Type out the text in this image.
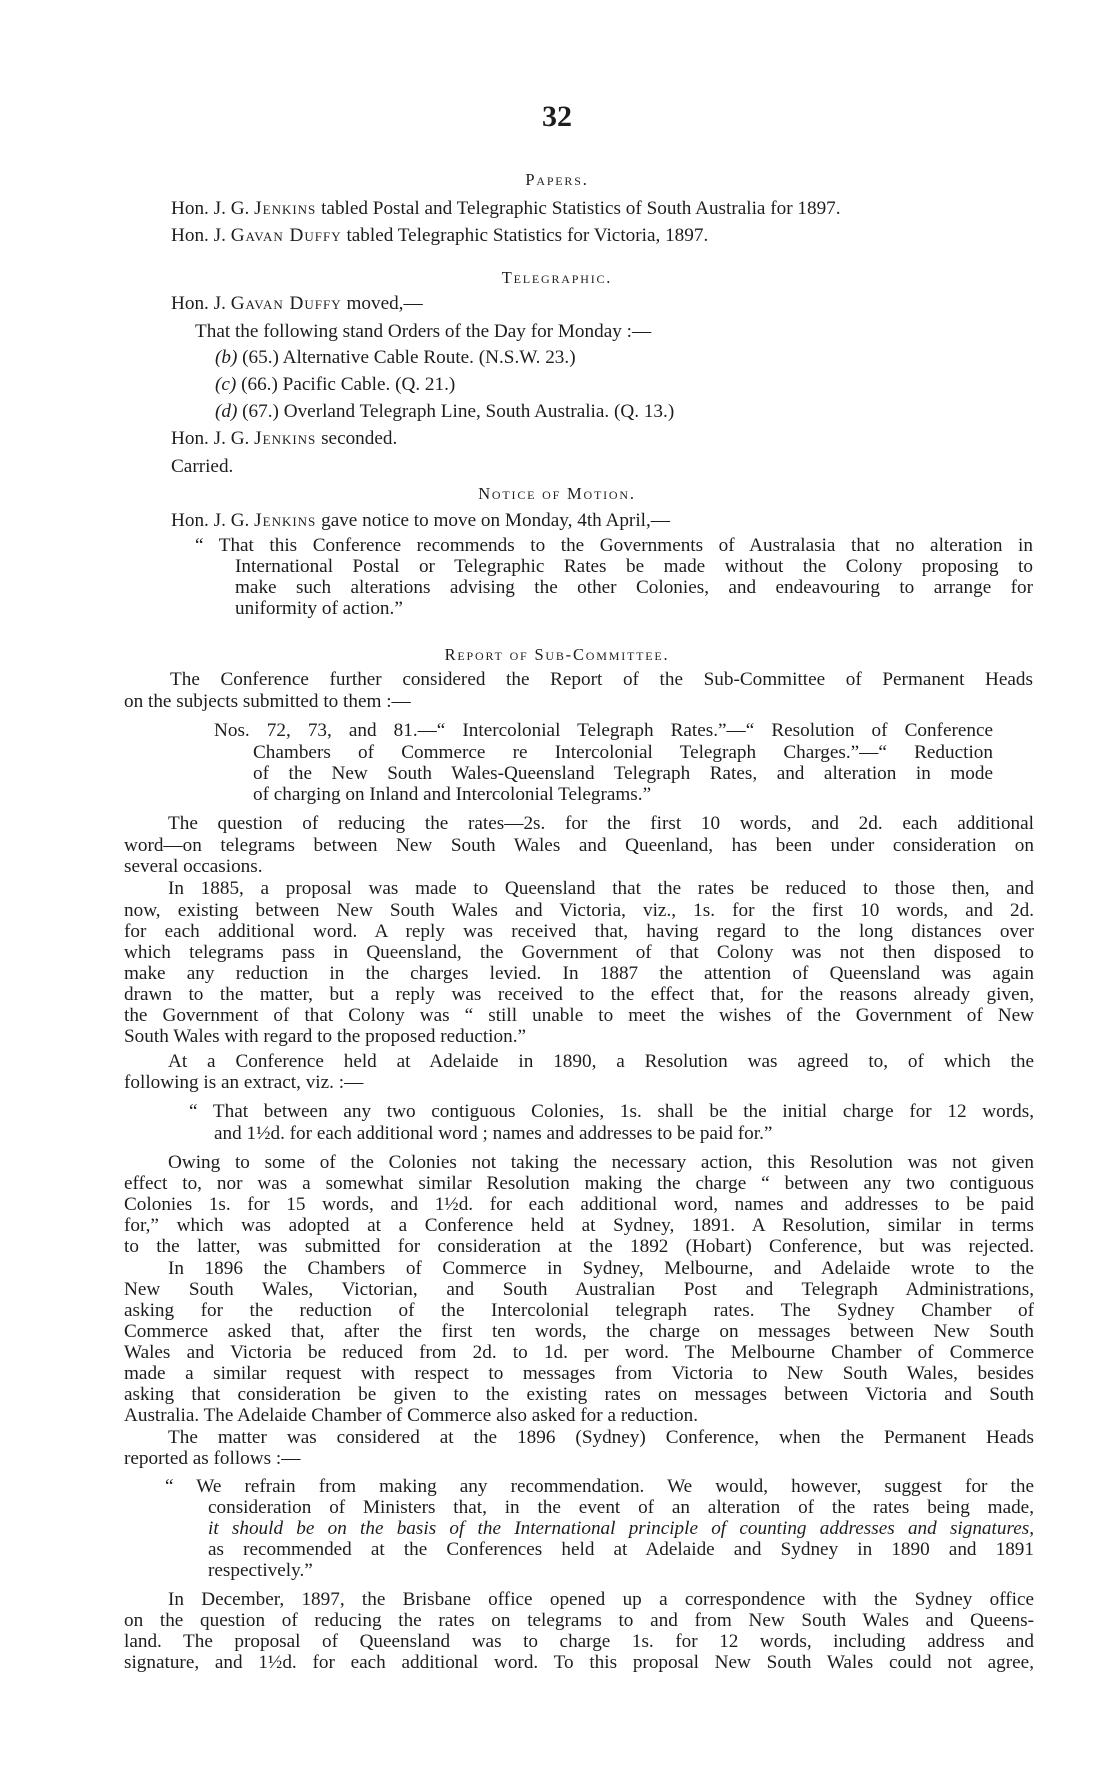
32
Papers.
Hon. J. G. Jenkins tabled Postal and Telegraphic Statistics of South Australia for 1897.
Hon. J. Gavan Duffy tabled Telegraphic Statistics for Victoria, 1897.
Telegraphic.
Hon. J. Gavan Duffy moved,—
That the following stand Orders of the Day for Monday :—
(b) (65.) Alternative Cable Route. (N.S.W. 23.)
(c) (66.) Pacific Cable. (Q. 21.)
(d) (67.) Overland Telegraph Line, South Australia. (Q. 13.)
Hon. J. G. Jenkins seconded.
Carried.
Notice of Motion.
Hon. J. G. Jenkins gave notice to move on Monday, 4th April,—
“ That this Conference recommends to the Governments of Australasia that no alteration in
International Postal or Telegraphic Rates be made without the Colony proposing to
make such alterations advising the other Colonies, and endeavouring to arrange for
uniformity of action.”
Report of Sub-Committee.
The Conference further considered the Report of the Sub-Committee of Permanent Heads
on the subjects submitted to them :—
Nos. 72, 73, and 81.—“ Intercolonial Telegraph Rates.”—“ Resolution of Conference
Chambers of Commerce re Intercolonial Telegraph Charges.”—“ Reduction
of the New South Wales-Queensland Telegraph Rates, and alteration in mode
of charging on Inland and Intercolonial Telegrams.”
The question of reducing the rates—2s. for the first 10 words, and 2d. each additional
word—on telegrams between New South Wales and Queenland, has been under consideration on
several occasions.
In 1885, a proposal was made to Queensland that the rates be reduced to those then, and
now, existing between New South Wales and Victoria, viz., 1s. for the first 10 words, and 2d.
for each additional word. A reply was received that, having regard to the long distances over
which telegrams pass in Queensland, the Government of that Colony was not then disposed to
make any reduction in the charges levied. In 1887 the attention of Queensland was again
drawn to the matter, but a reply was received to the effect that, for the reasons already given,
the Government of that Colony was “ still unable to meet the wishes of the Government of New
South Wales with regard to the proposed reduction.”
At a Conference held at Adelaide in 1890, a Resolution was agreed to, of which the
following is an extract, viz. :—
“ That between any two contiguous Colonies, 1s. shall be the initial charge for 12 words,
and 1½d. for each additional word ; names and addresses to be paid for.”
Owing to some of the Colonies not taking the necessary action, this Resolution was not given
effect to, nor was a somewhat similar Resolution making the charge “ between any two contiguous
Colonies 1s. for 15 words, and 1½d. for each additional word, names and addresses to be paid
for,” which was adopted at a Conference held at Sydney, 1891. A Resolution, similar in terms
to the latter, was submitted for consideration at the 1892 (Hobart) Conference, but was rejected.
In 1896 the Chambers of Commerce in Sydney, Melbourne, and Adelaide wrote to the
New South Wales, Victorian, and South Australian Post and Telegraph Administrations,
asking for the reduction of the Intercolonial telegraph rates. The Sydney Chamber of
Commerce asked that, after the first ten words, the charge on messages between New South
Wales and Victoria be reduced from 2d. to 1d. per word. The Melbourne Chamber of Commerce
made a similar request with respect to messages from Victoria to New South Wales, besides
asking that consideration be given to the existing rates on messages between Victoria and South
Australia. The Adelaide Chamber of Commerce also asked for a reduction.
The matter was considered at the 1896 (Sydney) Conference, when the Permanent Heads
reported as follows :—
“ We refrain from making any recommendation. We would, however, suggest for the
consideration of Ministers that, in the event of an alteration of the rates being made,
it should be on the basis of the International principle of counting addresses and signatures,
as recommended at the Conferences held at Adelaide and Sydney in 1890 and 1891
respectively.”
In December, 1897, the Brisbane office opened up a correspondence with the Sydney office
on the question of reducing the rates on telegrams to and from New South Wales and Queens-
land. The proposal of Queensland was to charge 1s. for 12 words, including address and
signature, and 1½d. for each additional word. To this proposal New South Wales could not agree,
